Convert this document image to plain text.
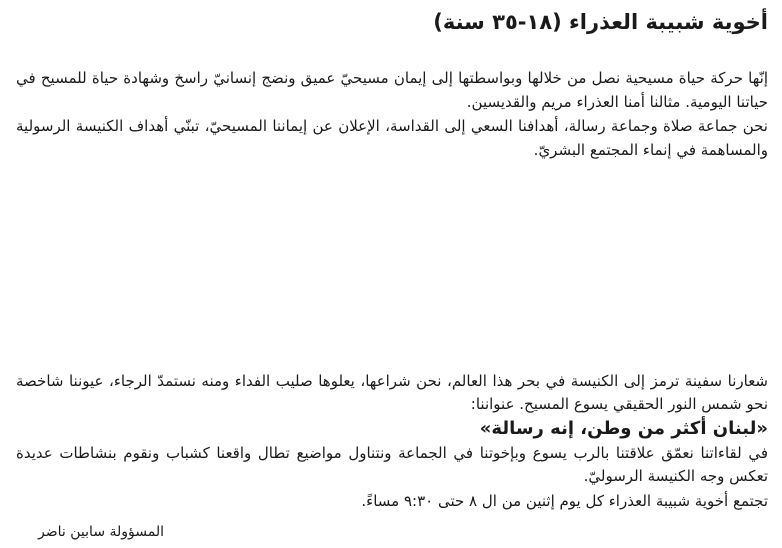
أخوية شبيبة العذراء (١٨-٣٥ سنة)

إنّها حركة حياة مسيحية نصل من خلالها وبواسطتها إلى إيمان مسيحيّ عميق ونضج إنسانيّ راسخ وشهادة حياة للمسيح في حياتنا اليومية. مثالنا أمنا العذراء مريم والقديسين.

نحن جماعة صلاة وجماعة رسالة، أهدافنا السعي إلى القداسة، الإعلان عن إيماننا المسيحيّ، تبنّي أهداف الكنيسة الرسولية والمساهمة في إنماء المجتمع البشريّ.

شعارنا سفينة ترمز إلى الكنيسة في بحر هذا العالم، نحن شراعها، يعلوها صليب الفداء ومنه نستمدّ الرجاء، عيوننا شاخصة نحو شمس النور الحقيقي يسوع المسيح. عنواننا:

«لبنان أكثر من وطن، إنه رسالة»

في لقاءاتنا نعمّق علاقتنا بالرب يسوع وبإخوتنا في الجماعة ونتناول مواضيع تطال واقعنا كشباب ونقوم بنشاطات عديدة تعكس وجه الكنيسة الرسوليّ.

تجتمع أخوية شبيبة العذراء كل يوم إثنين من ال ٨ حتى ٩:٣٠ مساءً.

المسؤولة سابين ناضر
